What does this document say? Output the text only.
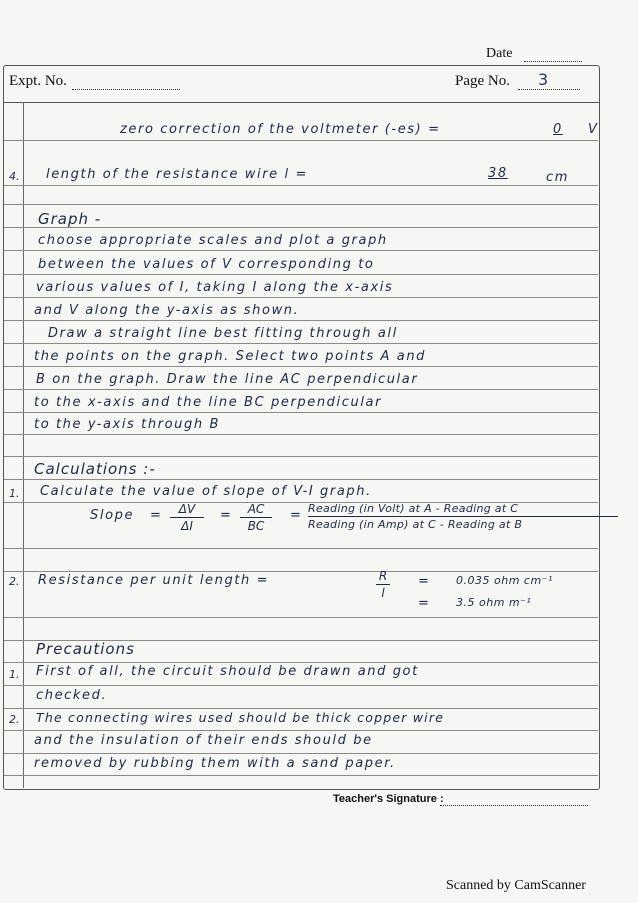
Date
Expt. No.	Page No. 3
zero correction of the voltmeter (-es) =	0 V
4. length of the resistance wire l =	38	cm
Graph -
choose appropriate scales and plot a graph
between the values of V corresponding to
various values of I, taking I along the x-axis
and V along the y-axis as shown.
Draw a straight line best fitting through all
the points on the graph. Select two points A and
B on the graph. Draw the line AC perpendicular
to the x-axis and the line BC perpendicular
to the y-axis through B
Calculations :-
1. Calculate the value of slope of V-I graph.
Slope =	ΔV
ΔI
=	AC
BC
= Reading (in Volt) at A - Reading at C
Reading (in Amp) at C - Reading at B
2. Resistance per unit length =	R
l
= 0.035 ohm cm⁻¹
= 3.5 ohm m⁻¹
Precautions
1. First of all, the circuit should be drawn and got
checked.
2. The connecting wires used should be thick copper wire
and the insulation of their ends should be
removed by rubbing them with a sand paper.
Teacher's Signature :
Scanned by CamScanner
